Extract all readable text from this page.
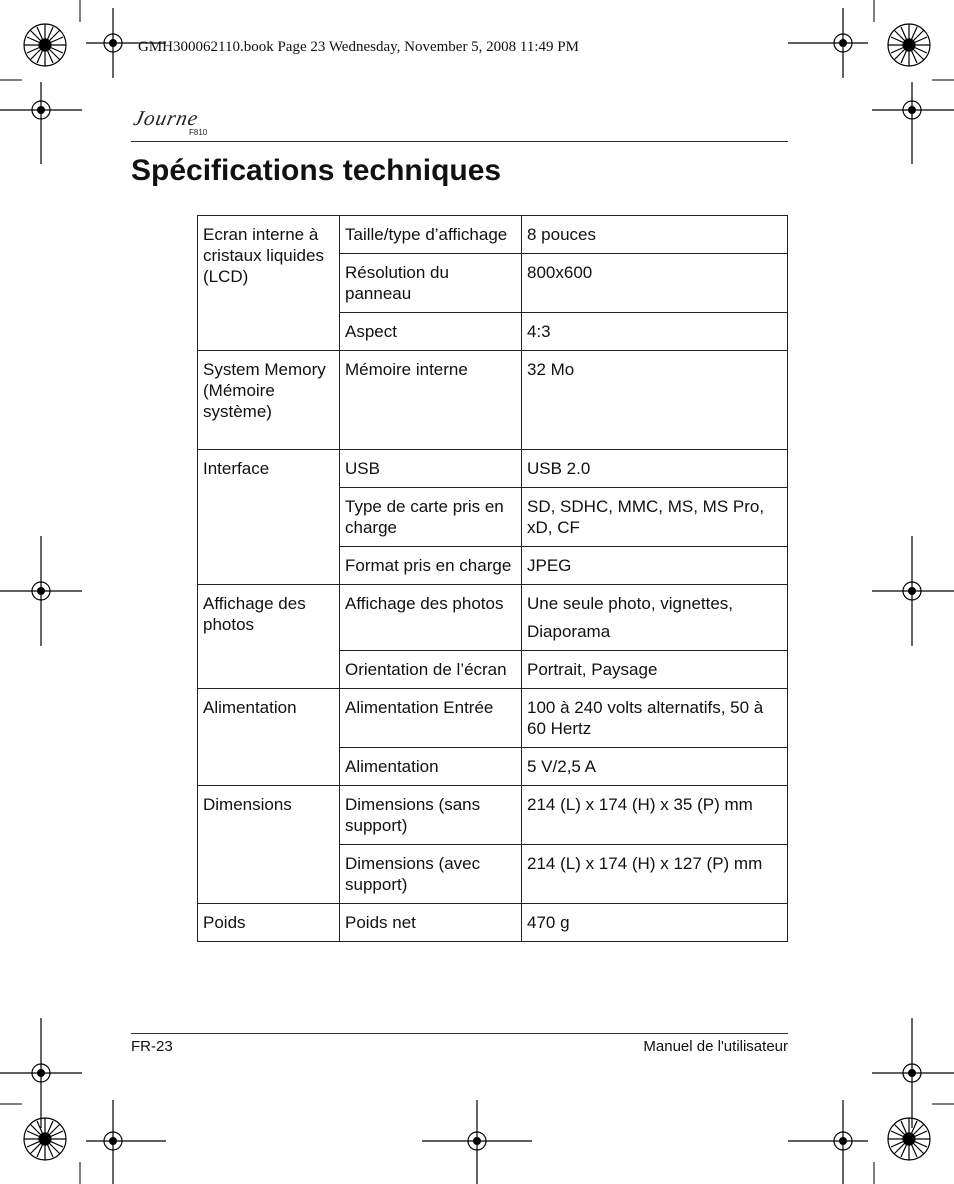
GMH300062110.book Page 23 Wednesday, November 5, 2008 11:49 PM
Journe
F810
Spécifications techniques
Ecran interne à cristaux liquides (LCD)	Taille/type d’affichage	8 pouces
	Résolution du panneau	800x600
	Aspect	4:3
System Memory (Mémoire système)	Mémoire interne	32 Mo
Interface	USB	USB 2.0
	Type de carte pris en charge	SD, SDHC, MMC, MS, MS Pro, xD, CF
	Format pris en charge	JPEG
Affichage des photos	Affichage des photos	Une seule photo, vignettes,
Diaporama

	Orientation de l’écran	Portrait, Paysage
Alimentation	Alimentation Entrée	100 à 240 volts alternatifs, 50 à 60 Hertz
	Alimentation	5 V/2,5 A
Dimensions	Dimensions (sans support)	214 (L) x 174 (H) x 35 (P) mm
	Dimensions (avec support)	214 (L) x 174 (H) x 127 (P) mm
Poids	Poids net	470 g
FR-23	Manuel de l'utilisateur
